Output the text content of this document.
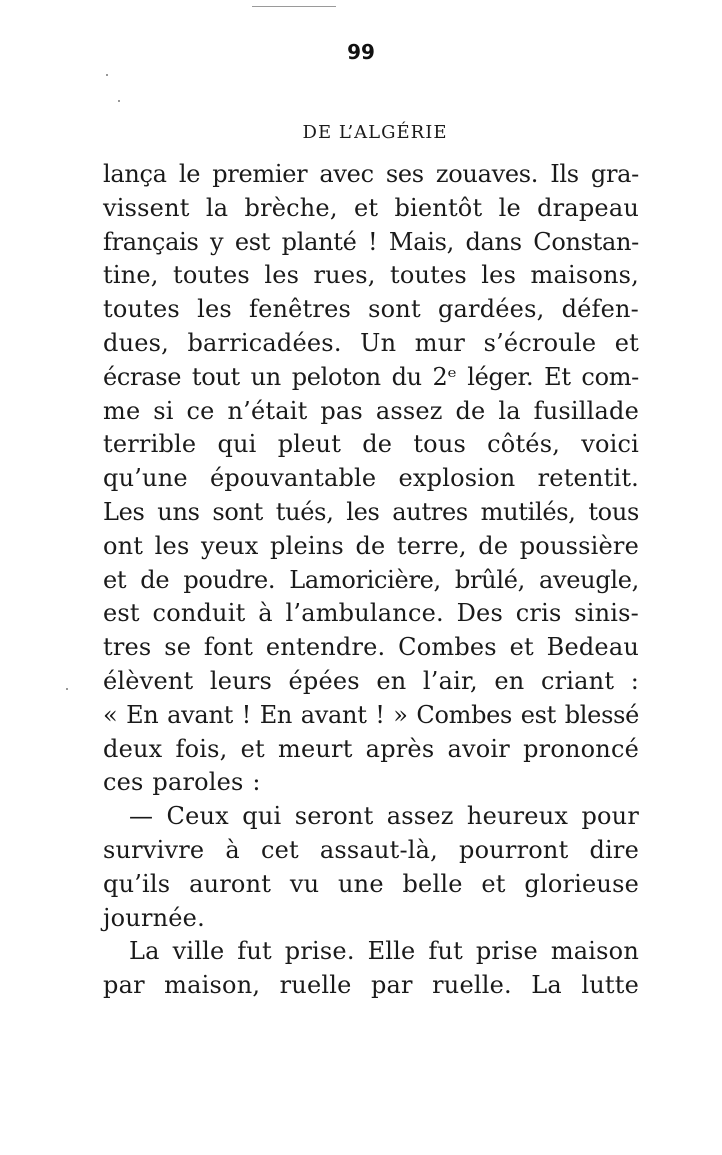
99
DE L’ALGÉRIE
lança le premier avec ses zouaves. Ils gra-
vissent la brèche, et bientôt le drapeau
français y est planté ! Mais, dans Constan-
tine, toutes les rues, toutes les maisons,
toutes les fenêtres sont gardées, défen-
dues, barricadées. Un mur s’écroule et
écrase tout un peloton du 2ᵉ léger. Et com-
me si ce n’était pas assez de la fusillade
terrible qui pleut de tous côtés, voici
qu’une épouvantable explosion retentit.
Les uns sont tués, les autres mutilés, tous
ont les yeux pleins de terre, de poussière
et de poudre. Lamoricière, brûlé, aveugle,
est conduit à l’ambulance. Des cris sinis-
tres se font entendre. Combes et Bedeau
élèvent leurs épées en l’air, en criant :
« En avant ! En avant ! » Combes est blessé
deux fois, et meurt après avoir prononcé
ces paroles :
— Ceux qui seront assez heureux pour
survivre à cet assaut-là, pourront dire
qu’ils auront vu une belle et glorieuse
journée.
La ville fut prise. Elle fut prise maison
par maison, ruelle par ruelle. La lutte
